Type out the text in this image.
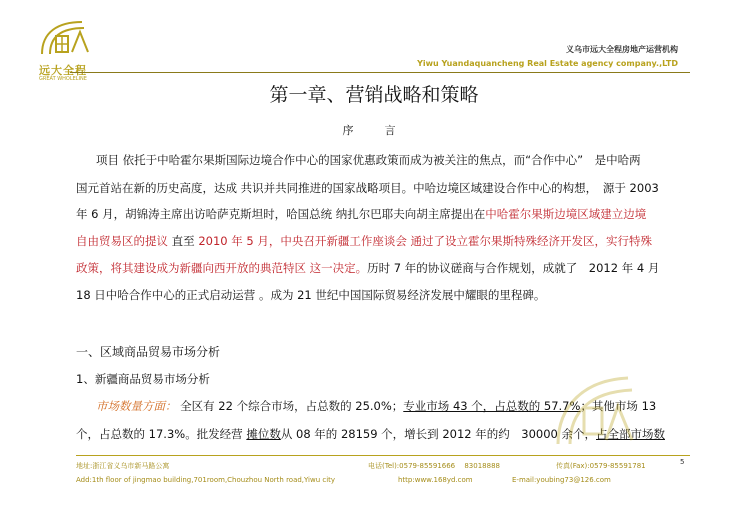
远大全程
GREAT WHOLELINE
义乌市远大全程房地产运营机构
Yiwu Yuandaquancheng Real Estate agency company.,LTD
第一章、营销战略和策略
序　言
项目 依托于中哈霍尔果斯国际边境合作中心的国家优惠政策而成为被关注的焦点，而“合作中心”　是中哈两
国元首站在新的历史高度，达成 共识并共同推进的国家战略项目。中哈边境区域建设合作中心的构想，　源于 2003
年 6 月，胡锦涛主席出访哈萨克斯坦时，哈国总统 纳扎尔巴耶夫向胡主席提出在中哈霍尔果斯边境区域建立边境
自由贸易区的提议 直至 2010 年 5 月，中央召开新疆工作座谈会 通过了设立霍尔果斯特殊经济开发区，实行特殊
政策，将其建设成为新疆向西开放的典范特区 这一决定。历时 7 年的协议磋商与合作规划，成就了　2012 年 4 月
18 日中哈合作中心的正式启动运营 。成为 21 世纪中国国际贸易经济发展中耀眼的里程碑。
一、区域商品贸易市场分析
1、新疆商品贸易市场分析
市场数量方面： 全区有 22 个综合市场，占总数的 25.0%；专业市场 43 个，占总数的 57.7%；其他市场 13
个，占总数的 17.3%。批发经营 摊位数从 08 年的 28159 个，增长到 2012 年的约　30000 余个，占全部市场数
5
地址:浙江省义乌市新马路公寓	电话(Tel):0579-85591666　 83018888	传真(Fax):0579-85591781
Add:1th floor of jingmao building,701room,Chouzhou North road,Yiwu city	http:www.168yd.com	E-mail:youbing73@126.com
